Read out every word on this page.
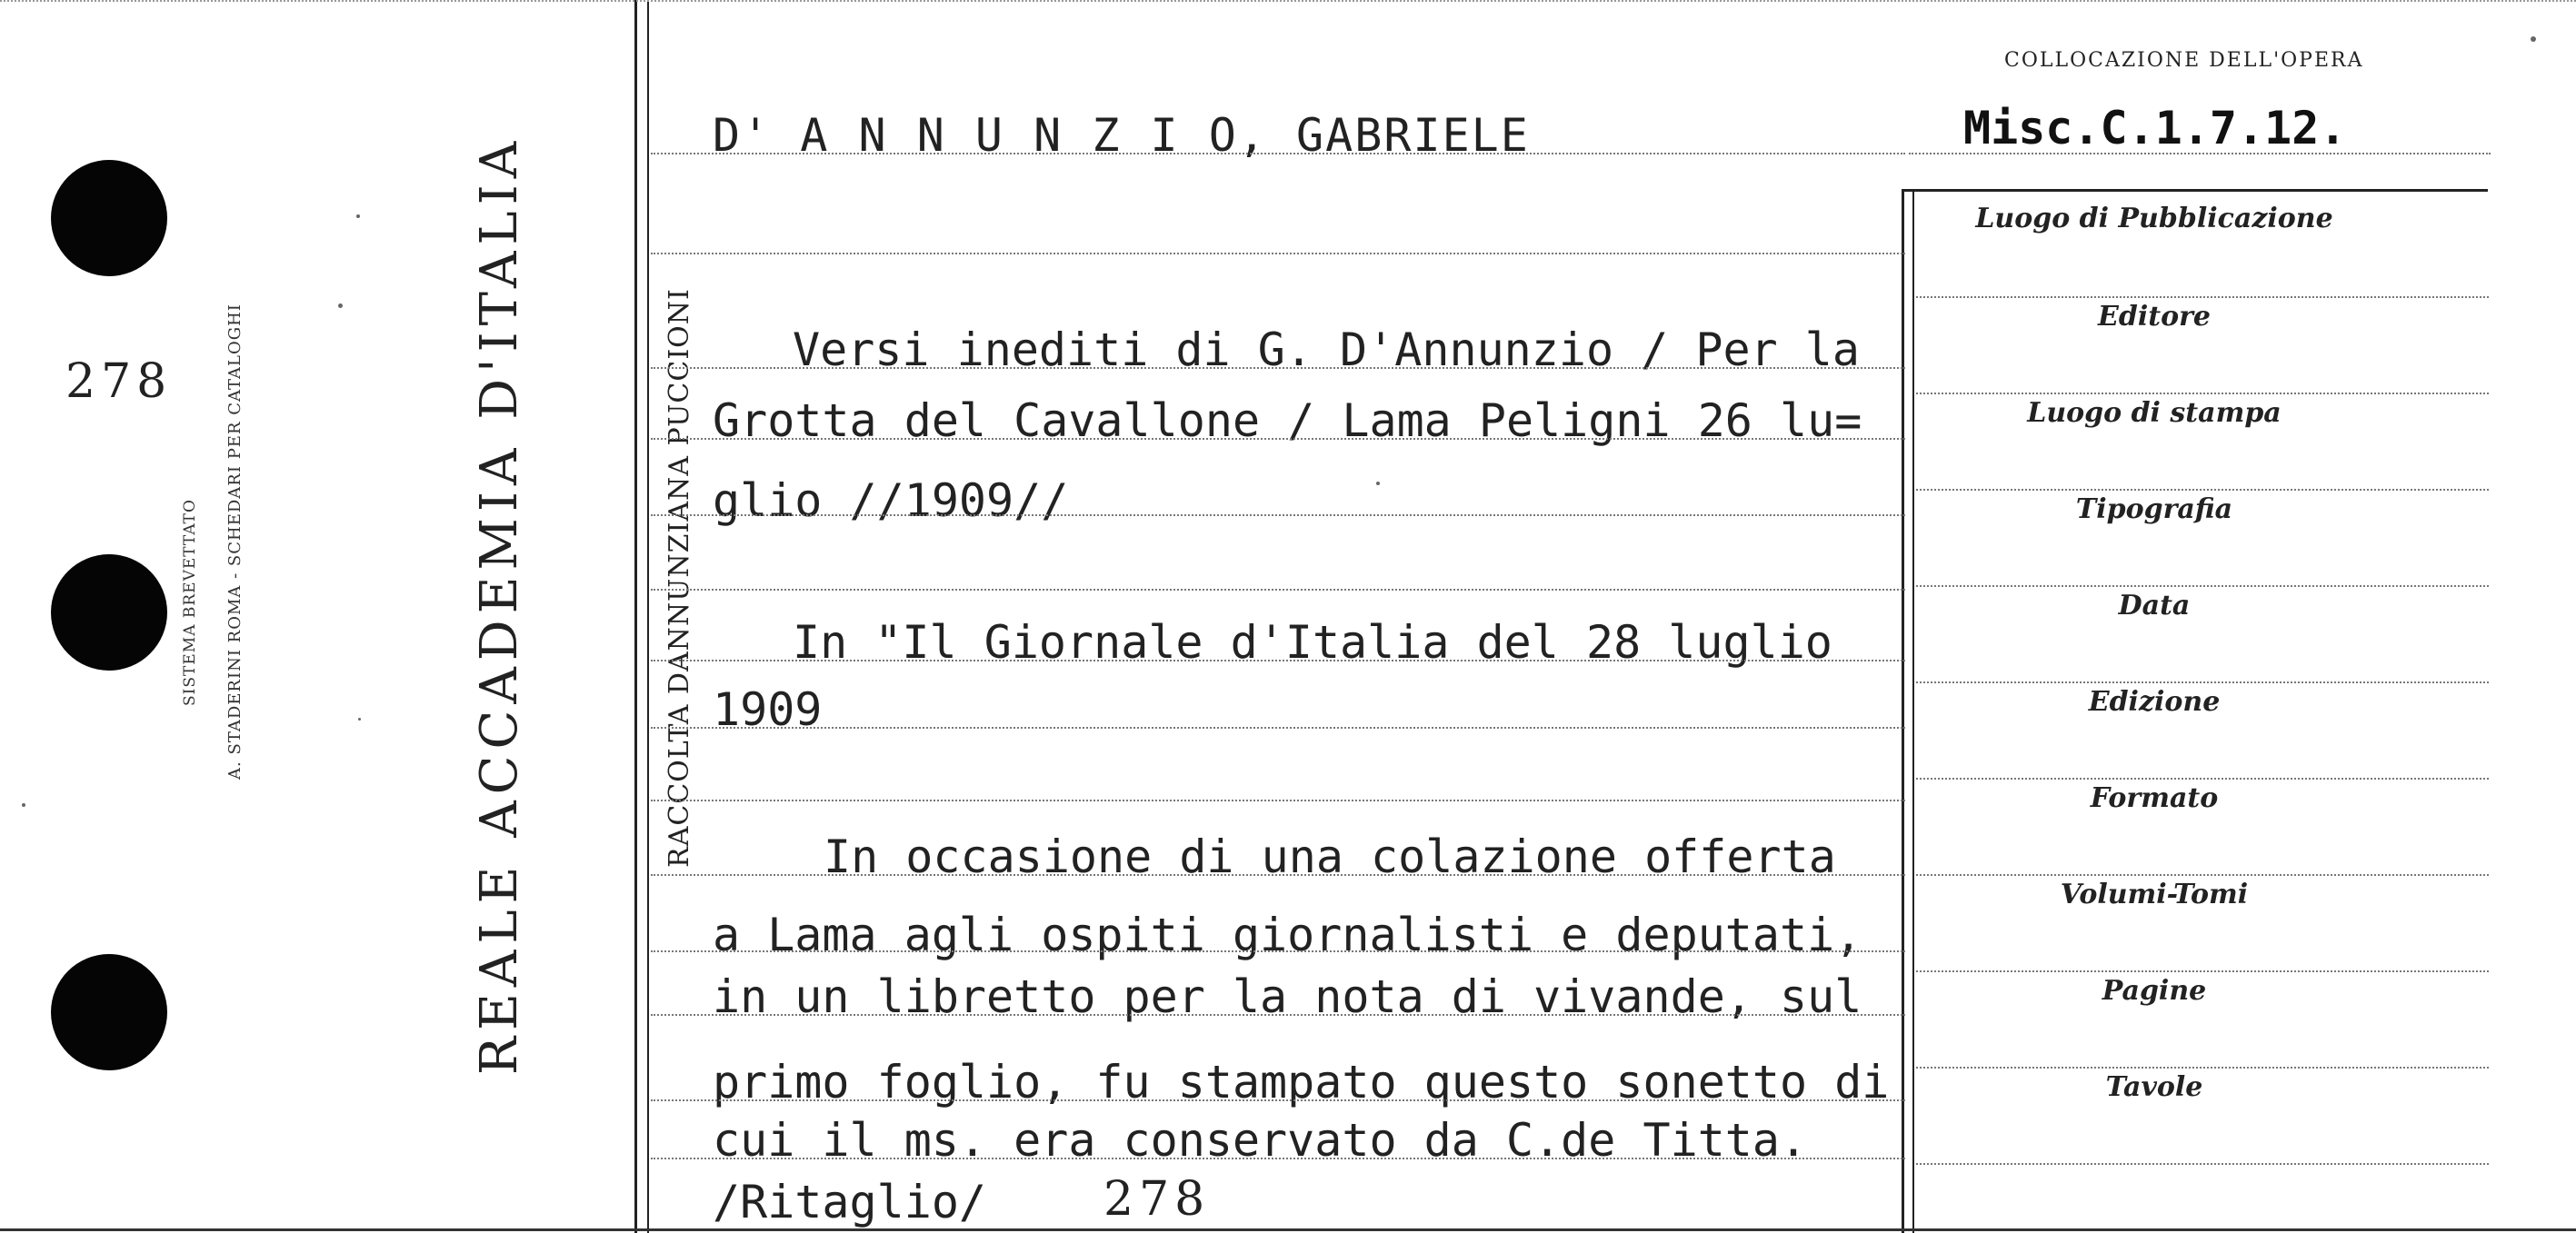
278	A. STADERINI ROMA - SCHEDARI PER CATALOGHI
SISTEMA BREVETTATO	REALE ACCADEMIA D'ITALIA	RACCOLTA DANNUNZIANA PUCCIONI
COLLOCAZIONE DELL'OPERA
Misc.C.1.7.12.
D' A N N U N Z I O, GABRIELE
Versi inediti di G. D'Annunzio / Per la
Grotta del Cavallone / Lama Peligni 26 lu=
glio //1909//
In "Il Giornale d'Italia del 28 luglio
1909
In occasione di una colazione offerta
a Lama agli ospiti giornalisti e deputati,
in un libretto per la nota di vivande, sul
primo foglio, fu stampato questo sonetto di
cui il ms. era conservato da C.de Titta.
/Ritaglio/ 278
Luogo di Pubblicazione
Editore
Luogo di stampa
Tipografia
Data
Edizione
Formato
Volumi-Tomi
Pagine
Tavole
